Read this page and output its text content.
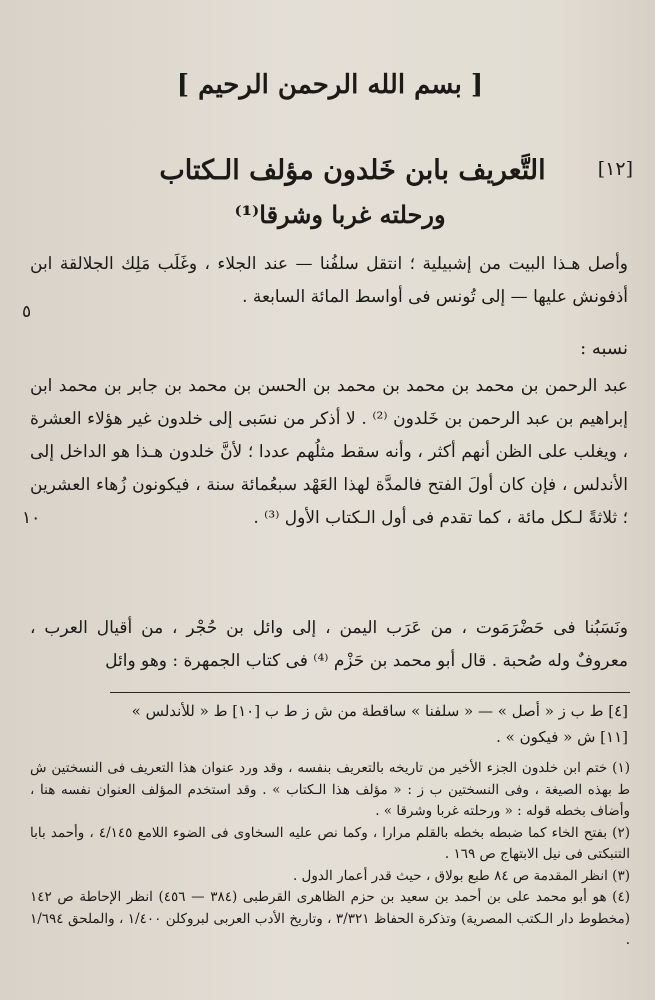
[ بسم الله الرحمن الرحيم ]
[١٢]
التَّعريف بابن خَلدون مؤلف الـكتاب
ورحلته غربا وشرقا⁽¹⁾
وأصل هـذا البيت من إشبيلية ؛ انتقل سلفُنا — عند الجلاء ، وغَلَب مَلِك الجلالقة ابن أذفونش عليها — إلى تُونس فى أواسط المائة السابعة .
٥
نسبه :
عبد الرحمن بن محمد بن محمد بن محمد بن الحسن بن محمد بن جابر بن محمد ابن إبراهيم بن عبد الرحمن بن خَلدون ⁽²⁾ . لا أذكر من نسَبى إلى خلدون غير هؤلاء العشرة ، ويغلب على الظن أنهم أكثر ، وأنه سقط مثلُهم عددا ؛ لأنَّ خلدون هـذا هو الداخل إلى الأندلس ، فإن كان أولَ الفتح فالمدَّة لهذا العَهْد سبعُمائة سنة ، فيكونون زُهاء العشرين ؛ ثلاثةً لـكل مائة ، كما تقدم فى أول الـكتاب الأول ⁽³⁾ .
١٠
ونَسَبُنا فى حَضْرَمَوت ، من عَرَب اليمن ، إلى وائل بن حُجْر ، من أقيال العرب ، معروفٌ وله صُحبة . قال أبو محمد بن حَزْم ⁽⁴⁾ فى كتاب الجمهرة : وهو وائل
[٤] ط ب ز « أصل » — « سلفنا » ساقطة من ش ز ط ب [١٠] ط « للأندلس »
[١١] ش « فيكون » .

(١) ختم ابن خلدون الجزء الأخير من تاريخه بالتعريف بنفسه ، وقد ورد عنوان هذا التعريف فى النسختين ش ط بهذه الصيغة ، وفى النسختين ب ز : « مؤلف هذا الـكتاب » . وقد استخدم المؤلف العنوان نفسه هنا ، وأضاف بخطه قوله : « ورحلته غربا وشرقا » .

(٢) بفتح الخاء كما ضبطه بخطه بالقلم مرارا ، وكما نص عليه السخاوى فى الضوء اللامع ٤/١٤٥ ، وأحمد بابا التنبكتى فى نيل الابتهاج ص ١٦٩ .

(٣) انظر المقدمة ص ٨٤ طبع بولاق ، حيث قدر أعمار الدول .

(٤) هو أبو محمد على بن أحمد بن سعيد بن حزم الظاهرى القرطبى (٣٨٤ — ٤٥٦) انظر الإحاطة ص ١٤٢ (مخطوط دار الـكتب المصرية) وتذكرة الحفاظ ٣/٣٢١ ، وتاريخ الأدب العربى لبروكلن ١/٤٠٠ ، والملحق ١/٦٩٤ .
